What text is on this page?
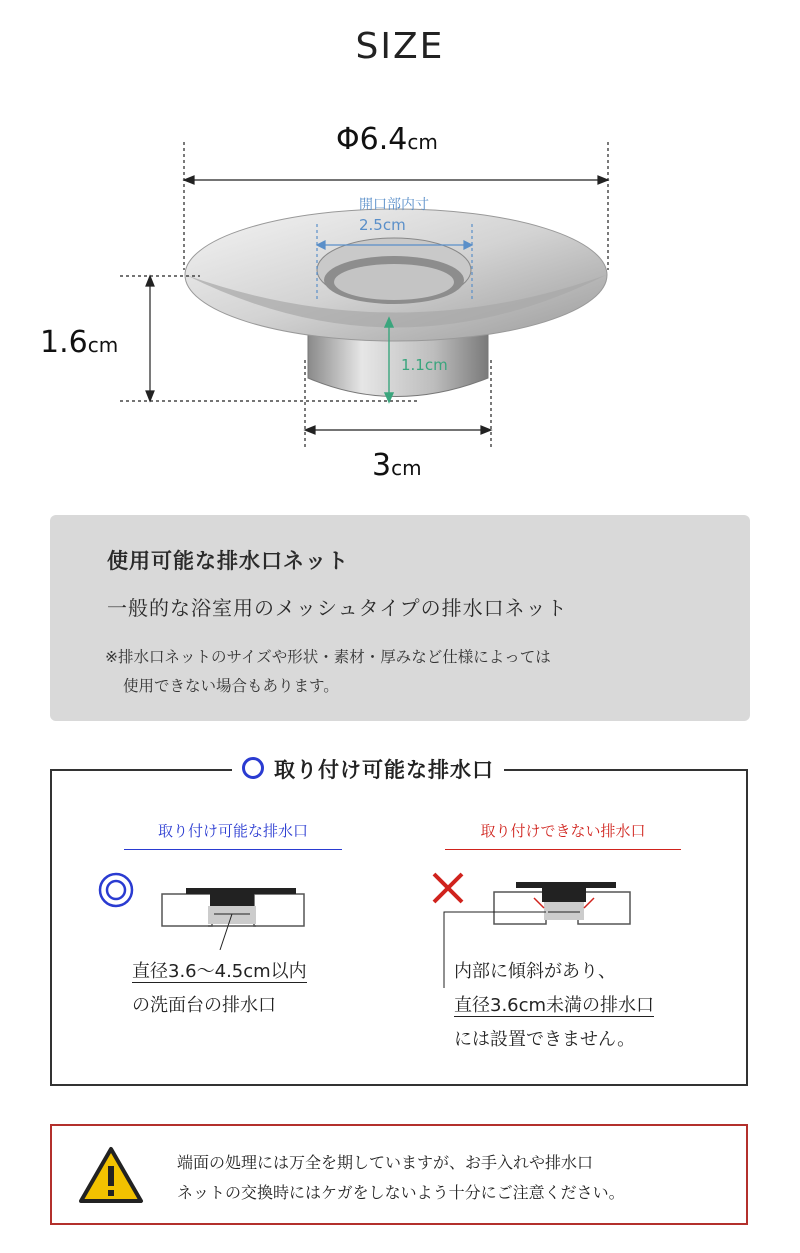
SIZE
Φ6.4cm
1.6cm
3cm
開口部内寸
2.5cm
1.1cm
使用可能な排水口ネット
一般的な浴室用のメッシュタイプの排水口ネット
※排水口ネットのサイズや形状・素材・厚みなど仕様によっては
使用できない場合もあります。
取り付け可能な排水口
取り付け可能な排水口	取り付けできない排水口
直径3.6〜4.5cm以内
の洗面台の排水口
内部に傾斜があり、
直径3.6cm未満の排水口
には設置できません。
端面の処理には万全を期していますが、お手入れや排水口
ネットの交換時にはケガをしないよう十分にご注意ください。
